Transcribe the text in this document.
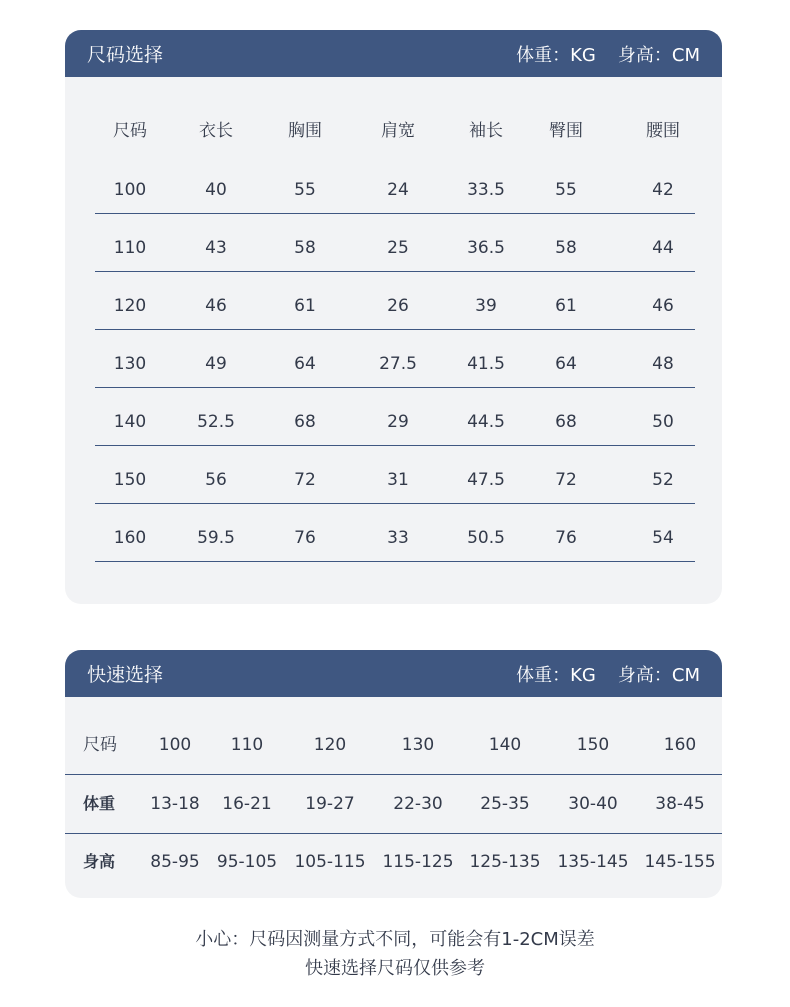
尺码选择	体重：KG 身高：CM
尺码	衣长	胸围	肩宽	袖长	臀围	腰围
100	40	55	24	33.5	55	42
110	43	58	25	36.5	58	44
120	46	61	26	39	61	46
130	49	64	27.5	41.5	64	48
140	52.5	68	29	44.5	68	50
150	56	72	31	47.5	72	52
160	59.5	76	33	50.5	76	54
快速选择	体重：KG 身高：CM
尺码	100	110	120	130	140	150	160
体重	13-18	16-21	19-27	22-30	25-35	30-40	38-45
身高	85-95	95-105	105-115 115-125 125-135 135-145 145-155
小心：尺码因测量方式不同，可能会有1-2CM误差
快速选择尺码仅供参考
